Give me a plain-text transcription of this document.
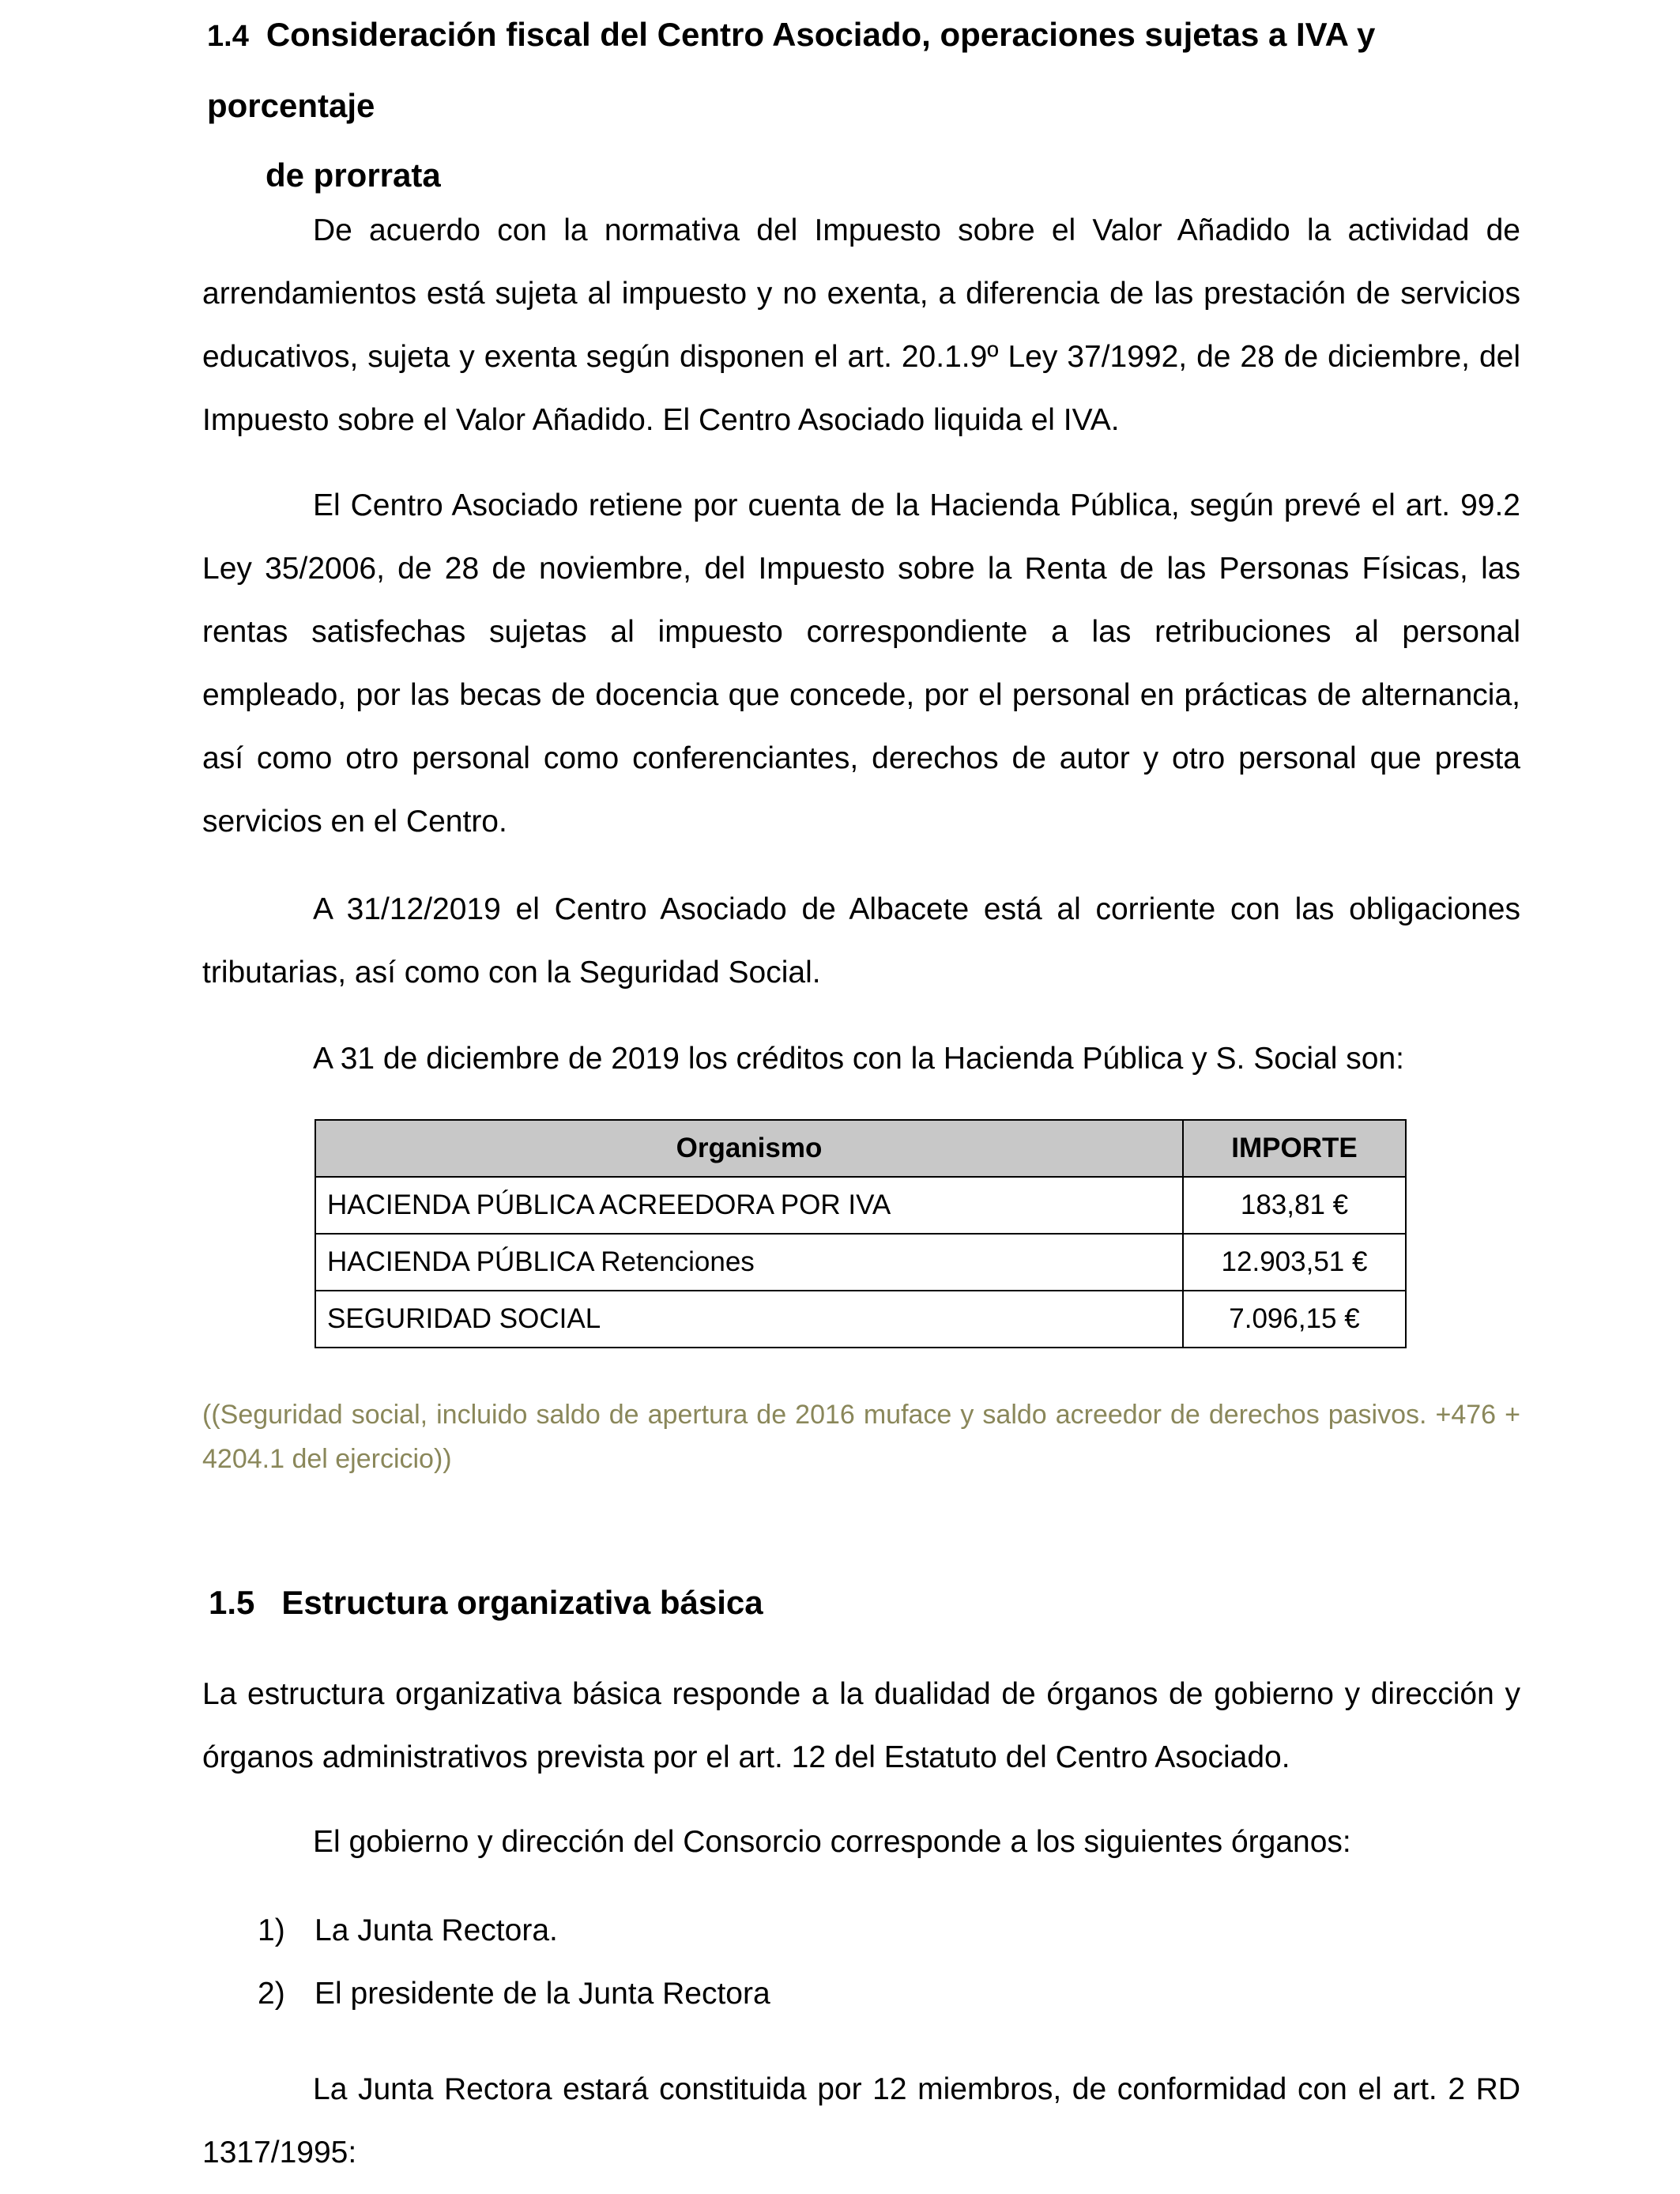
1.4 Consideración fiscal del Centro Asociado, operaciones sujetas a IVA y porcentaje
de prorrata

De acuerdo con la normativa del Impuesto sobre el Valor Añadido la actividad de arrendamientos está sujeta al impuesto y no exenta, a diferencia de las prestación de servicios educativos, sujeta y exenta según disponen el art. 20.1.9º Ley 37/1992, de 28 de diciembre, del Impuesto sobre el Valor Añadido. El Centro Asociado liquida el IVA.

El Centro Asociado retiene por cuenta de la Hacienda Pública, según prevé el art. 99.2 Ley 35/2006, de 28 de noviembre, del Impuesto sobre la Renta de las Personas Físicas, las rentas satisfechas sujetas al impuesto correspondiente a las retribuciones al personal empleado, por las becas de docencia que concede, por el personal en prácticas de alternancia, así como otro personal como conferenciantes, derechos de autor y otro personal que presta servicios en el Centro.

A 31/12/2019 el Centro Asociado de Albacete está al corriente con las obligaciones tributarias, así como con la Seguridad Social.

A 31 de diciembre de 2019 los créditos con la Hacienda Pública y S. Social son:

Organismo	IMPORTE
HACIENDA PÚBLICA ACREEDORA POR IVA	183,81 €
HACIENDA PÚBLICA Retenciones	12.903,51 €
SEGURIDAD SOCIAL	7.096,15 €

((Seguridad social, incluido saldo de apertura de 2016 muface y saldo acreedor de derechos pasivos. +476 + 4204.1 del ejercicio))

1.5 Estructura organizativa básica

La estructura organizativa básica responde a la dualidad de órganos de gobierno y dirección y órganos administrativos prevista por el art. 12 del Estatuto del Centro Asociado.

El gobierno y dirección del Consorcio corresponde a los siguientes órganos:

1) La Junta Rectora.
2) El presidente de la Junta Rectora

La Junta Rectora estará constituida por 12 miembros, de conformidad con el art. 2 RD 1317/1995:
